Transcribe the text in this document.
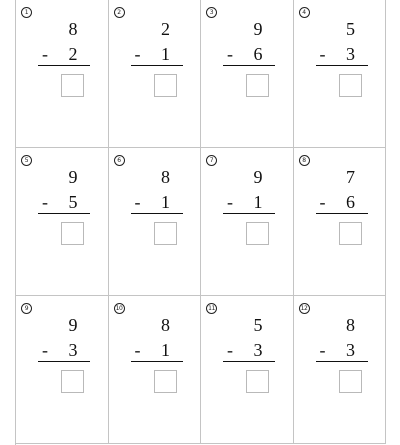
1
8
- 2
2
2
- 1
3
9
- 6
4
5
- 3
5
9
- 5
6
8
- 1
7
9
- 1
8
7
- 6
9
9
- 3
10
8
- 1
11
5
- 3
12
8
- 3
